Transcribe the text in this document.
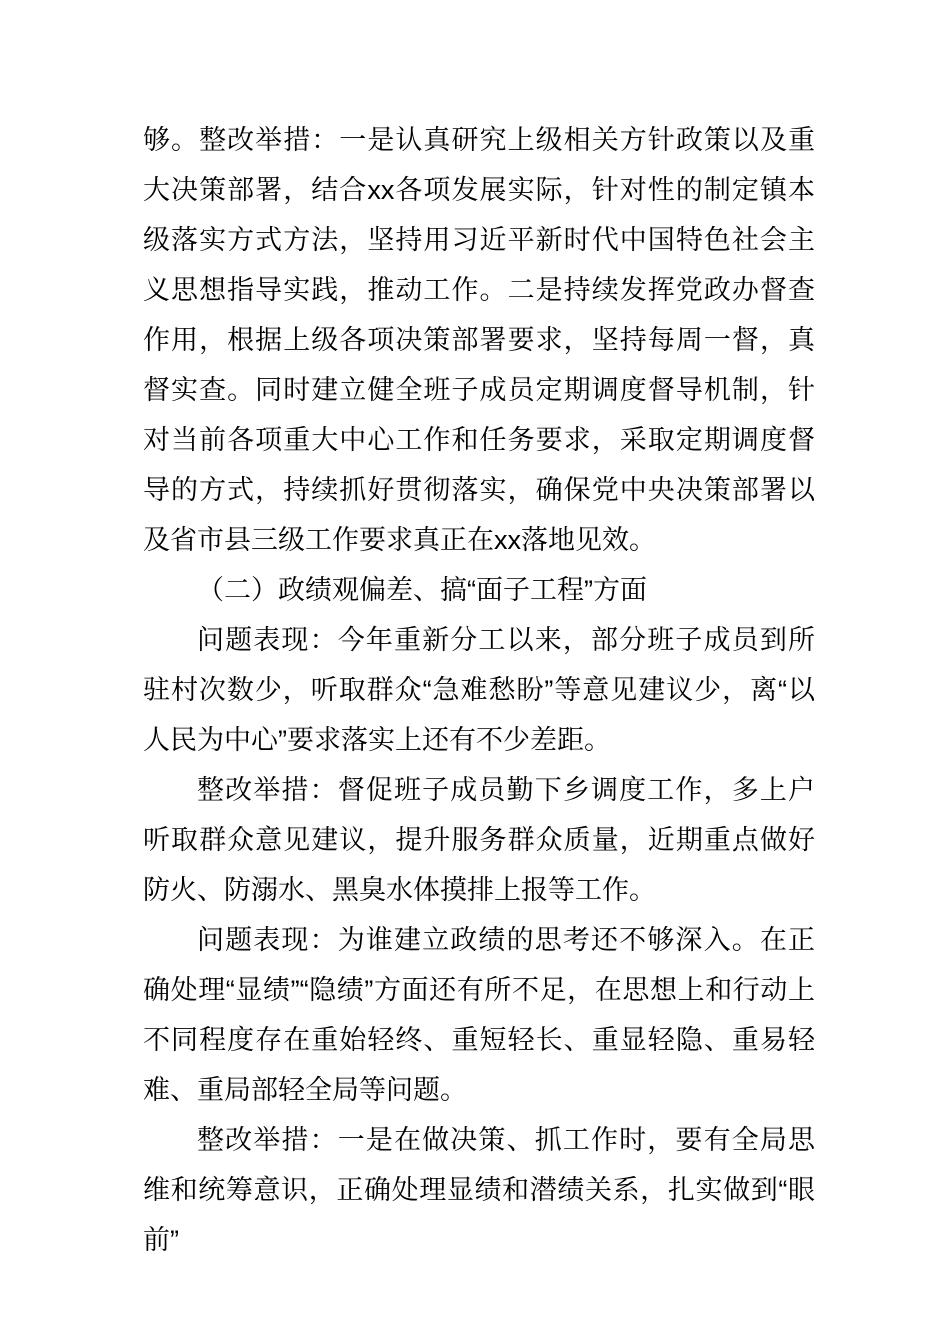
够。整改举措：一是认真研究上级相关方针政策以及重大决策部署，结合xx各项发展实际，针对性的制定镇本级落实方式方法，坚持用习近平新时代中国特色社会主义思想指导实践，推动工作。二是持续发挥党政办督查作用，根据上级各项决策部署要求，坚持每周一督，真督实查。同时建立健全班子成员定期调度督导机制，针对当前各项重大中心工作和任务要求，采取定期调度督导的方式，持续抓好贯彻落实，确保党中央决策部署以及省市县三级工作要求真正在xx落地见效。

（二）政绩观偏差、搞“面子工程”方面

问题表现：今年重新分工以来，部分班子成员到所驻村次数少，听取群众“急难愁盼”等意见建议少，离“以人民为中心”要求落实上还有不少差距。

整改举措：督促班子成员勤下乡调度工作，多上户听取群众意见建议，提升服务群众质量，近期重点做好防火、防溺水、黑臭水体摸排上报等工作。

问题表现：为谁建立政绩的思考还不够深入。在正确处理“显绩”“隐绩”方面还有所不足，在思想上和行动上不同程度存在重始轻终、重短轻长、重显轻隐、重易轻难、重局部轻全局等问题。

整改举措：一是在做决策、抓工作时，要有全局思维和统筹意识，正确处理显绩和潜绩关系，扎实做到“眼前”
